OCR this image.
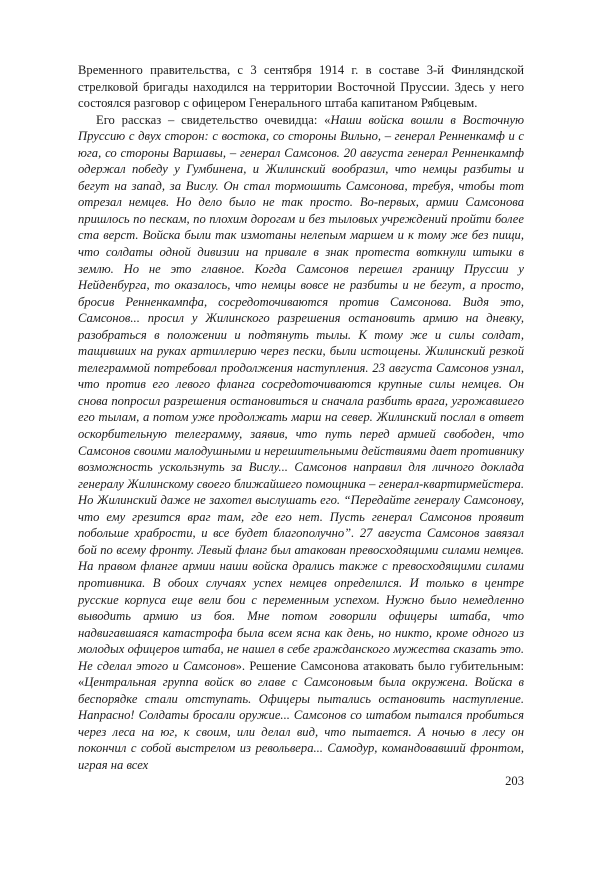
Временного правительства, с 3 сентября 1914 г. в составе 3-й Финляндской стрелковой бригады находился на территории Восточной Пруссии. Здесь у него состоялся разговор с офицером Генерального штаба капитаном Рябцевым.

Его рассказ – свидетельство очевидца: «Наши войска вошли в Восточную Пруссию с двух сторон: с востока, со стороны Вильно, – генерал Ренненкамф и с юга, со стороны Варшавы, – генерал Самсонов. 20 августа генерал Ренненкампф одержал победу у Гумбинена, и Жилинский вообразил, что немцы разбиты и бегут на запад, за Вислу. Он стал тормошить Самсонова, требуя, чтобы тот отрезал немцев. Но дело было не так просто. Во-первых, армии Самсонова пришлось по пескам, по плохим дорогам и без тыловых учреждений пройти более ста верст. Войска были так измотаны нелепым маршем и к тому же без пищи, что солдаты одной дивизии на привале в знак протеста воткнули штыки в землю. Но не это главное. Когда Самсонов перешел границу Пруссии у Нейденбурга, то оказалось, что немцы вовсе не разбиты и не бегут, а просто, бросив Ренненкампфа, сосредоточиваются против Самсонова. Видя это, Самсонов... просил у Жилинского разрешения остановить армию на дневку, разобраться в положении и подтянуть тылы. К тому же и силы солдат, тащивших на руках артиллерию через пески, были истощены. Жилинский резкой телеграммой потребовал продолжения наступления. 23 августа Самсонов узнал, что против его левого фланга сосредоточиваются крупные силы немцев. Он снова попросил разрешения остановиться и сначала разбить врага, угрожавшего его тылам, а потом уже продолжать марш на север. Жилинский послал в ответ оскорбительную телеграмму, заявив, что путь перед армией свободен, что Самсонов своими малодушными и нерешительными действиями дает противнику возможность ускользнуть за Вислу... Самсонов направил для личного доклада генералу Жилинскому своего ближайшего помощника – генерал-квартирмейстера. Но Жилинский даже не захотел выслушать его. “Передайте генералу Самсонову, что ему грезится враг там, где его нет. Пусть генерал Самсонов проявит побольше храбрости, и все будет благополучно”. 27 августа Самсонов завязал бой по всему фронту. Левый фланг был атакован превосходящими силами немцев. На правом фланге армии наши войска дрались также с превосходящими силами противника. В обоих случаях успех немцев определился. И только в центре русские корпуса еще вели бои с переменным успехом. Нужно было немедленно выводить армию из боя. Мне потом говорили офицеры штаба, что надвигавшаяся катастрофа была всем ясна как день, но никто, кроме одного из молодых офицеров штаба, не нашел в себе гражданского мужества сказать это. Не сделал этого и Самсонов». Решение Самсонова атаковать было губительным: «Центральная группа войск во главе с Самсоновым была окружена. Войска в беспорядке стали отступать. Офицеры пытались остановить наступление. Напрасно! Солдаты бросали оружие... Самсонов со штабом пытался пробиться через леса на юг, к своим, или делал вид, что пытается. А ночью в лесу он покончил с собой выстрелом из револьвера... Самодур, командовавший фронтом, играя на всех

203
